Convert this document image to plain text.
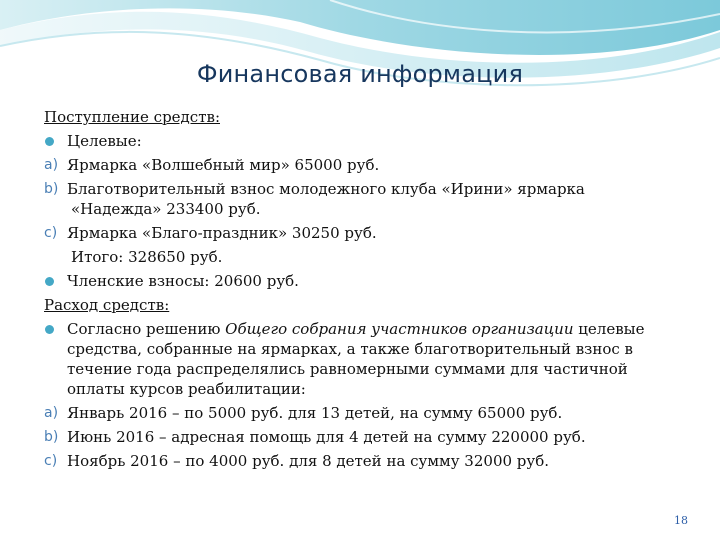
Финансовая информация
Поступление средств:
Целевые:
a) Ярмарка «Волшебный мир» 65000 руб.
b) Благотворительный взнос молодежного клуба «Ирини» ярмарка
«Надежда» 233400 руб.
c) Ярмарка «Благо-праздник» 30250 руб.
Итого: 328650 руб.
Членские взносы: 20600 руб.
Расход средств:
Согласно решению Общего собрания участников организации целевые
средства, собранные на ярмарках, а также благотворительный взнос в
течение года распределялись равномерными суммами для частичной
оплаты курсов реабилитации:
a) Январь 2016 – по 5000 руб. для 13 детей, на сумму 65000 руб.
b) Июнь 2016 – адресная помощь для 4 детей на сумму 220000 руб.
c) Ноябрь 2016 – по 4000 руб. для 8 детей на сумму 32000 руб.
18
